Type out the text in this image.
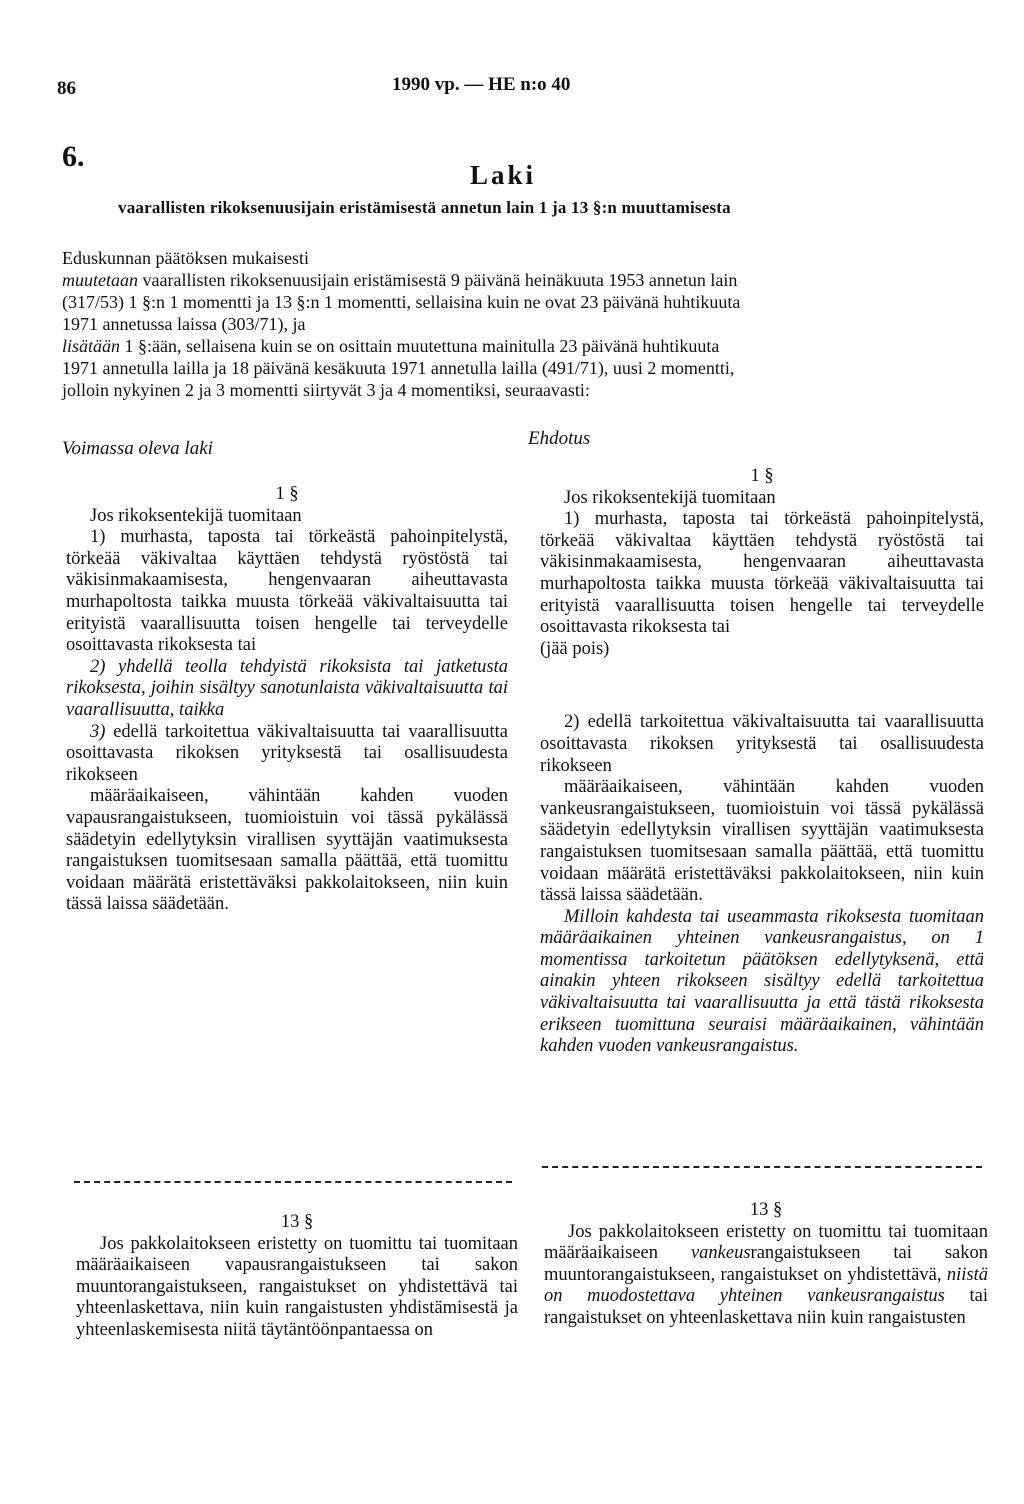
86	1990 vp. — HE n:o 40
6.
Laki
vaarallisten rikoksenuusijain eristämisestä annetun lain 1 ja 13 §:n muuttamisesta

Eduskunnan päätöksen mukaisesti

muutetaan vaarallisten rikoksenuusijain eristämisestä 9 päivänä heinäkuuta 1953 annetun lain

(317/53) 1 §:n 1 momentti ja 13 §:n 1 momentti, sellaisina kuin ne ovat 23 päivänä huhtikuuta

1971 annetussa laissa (303/71), ja

lisätään 1 §:ään, sellaisena kuin se on osittain muutettuna mainitulla 23 päivänä huhtikuuta

1971 annetulla lailla ja 18 päivänä kesäkuuta 1971 annetulla lailla (491/71), uusi 2 momentti,

jolloin nykyinen 2 ja 3 momentti siirtyvät 3 ja 4 momentiksi, seuraavasti:

Voimassa oleva laki	Ehdotus
1 §

Jos rikoksentekijä tuomitaan

1) murhasta, taposta tai törkeästä pahoinpitelystä, törkeää väkivaltaa käyttäen tehdystä ryöstöstä tai väkisinmakaamisesta, hengenvaaran aiheuttavasta murhapoltosta taikka muusta törkeää väkivaltaisuutta tai erityistä vaarallisuutta toisen hengelle tai terveydelle osoittavasta rikoksesta tai

2) yhdellä teolla tehdyistä rikoksista tai jatketusta rikoksesta, joihin sisältyy sanotunlaista väkivaltaisuutta tai vaarallisuutta, taikka

3) edellä tarkoitettua väkivaltaisuutta tai vaarallisuutta osoittavasta rikoksen yrityksestä tai osallisuudesta rikokseen

määräaikaiseen, vähintään kahden vuoden vapausrangaistukseen, tuomioistuin voi tässä pykälässä säädetyin edellytyksin virallisen syyttäjän vaatimuksesta rangaistuksen tuomitsesaan samalla päättää, että tuomittu voidaan määrätä eristettäväksi pakkolaitokseen, niin kuin tässä laissa säädetään.

1 §

Jos rikoksentekijä tuomitaan

1) murhasta, taposta tai törkeästä pahoinpitelystä, törkeää väkivaltaa käyttäen tehdystä ryöstöstä tai väkisinmakaamisesta, hengenvaaran aiheuttavasta murhapoltosta taikka muusta törkeää väkivaltaisuutta tai erityistä vaarallisuutta toisen hengelle tai terveydelle osoittavasta rikoksesta tai

(jää pois)

2) edellä tarkoitettua väkivaltaisuutta tai vaarallisuutta osoittavasta rikoksen yrityksestä tai osallisuudesta rikokseen

määräaikaiseen, vähintään kahden vuoden vankeusrangaistukseen, tuomioistuin voi tässä pykälässä säädetyin edellytyksin virallisen syyttäjän vaatimuksesta rangaistuksen tuomitsesaan samalla päättää, että tuomittu voidaan määrätä eristettäväksi pakkolaitokseen, niin kuin tässä laissa säädetään.

Milloin kahdesta tai useammasta rikoksesta tuomitaan määräaikainen yhteinen vankeusrangaistus, on 1 momentissa tarkoitetun päätöksen edellytyksenä, että ainakin yhteen rikokseen sisältyy edellä tarkoitettua väkivaltaisuutta tai vaarallisuutta ja että tästä rikoksesta erikseen tuomittuna seuraisi määräaikainen, vähintään kahden vuoden vankeusrangaistus.

13 §

Jos pakkolaitokseen eristetty on tuomittu tai tuomitaan määräaikaiseen vapausrangaistukseen tai sakon muuntorangaistukseen, rangaistukset on yhdistettävä tai yhteenlaskettava, niin kuin rangaistusten yhdistämisestä ja yhteenlaskemisesta niitä täytäntöönpantaessa on

13 §

Jos pakkolaitokseen eristetty on tuomittu tai tuomitaan määräaikaiseen vankeusrangaistukseen tai sakon muuntorangaistukseen, rangaistukset on yhdistettävä, niistä on muodostettava yhteinen vankeusrangaistus tai rangaistukset on yhteenlaskettava niin kuin rangaistusten
